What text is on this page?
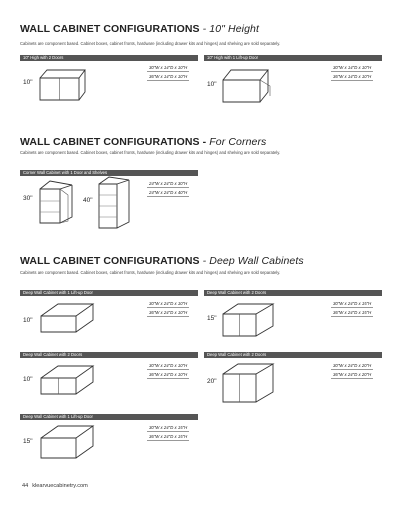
WALL CABINET CONFIGURATIONS - 10" Height
Cabinets are component based. Cabinet boxes, cabinet fronts, hardware (including drawer kits and hinges) and shelving are sold separately.
10" High with 2 Doors
10"
30"W x 14"D x 10"H
36"W x 14"D x 10"H
10" High with 1 Lift-up Door
10"
30"W x 14"D x 10"H
36"W x 14"D x 10"H
WALL CABINET CONFIGURATIONS - For Corners
Cabinets are component based. Cabinet boxes, cabinet fronts, hardware (including drawer kits and hinges) and shelving are sold separately.
Corner Wall Cabinet with 1 Door and Shelves
30"	40"
24"W x 24"D x 30"H
24"W x 24"D x 40"H
WALL CABINET CONFIGURATIONS - Deep Wall Cabinets
Cabinets are component based. Cabinet boxes, cabinet fronts, hardware (including drawer kits and hinges) and shelving are sold separately.
Deep Wall Cabinet with 1 Lift-up Door
10"
30"W x 24"D x 10"H
36"W x 24"D x 10"H
Deep Wall Cabinet with 2 Doors
15"
30"W x 24"D x 15"H
36"W x 24"D x 15"H
Deep Wall Cabinet with 2 Doors
10"
30"W x 24"D x 10"H
36"W x 24"D x 10"H
Deep Wall Cabinet with 2 Doors
20"
30"W x 24"D x 20"H
36"W x 24"D x 20"H
Deep Wall Cabinet with 1 Lift-up Door
15"
30"W x 24"D x 15"H
36"W x 24"D x 15"H
44 klearvuecabinetry.com
